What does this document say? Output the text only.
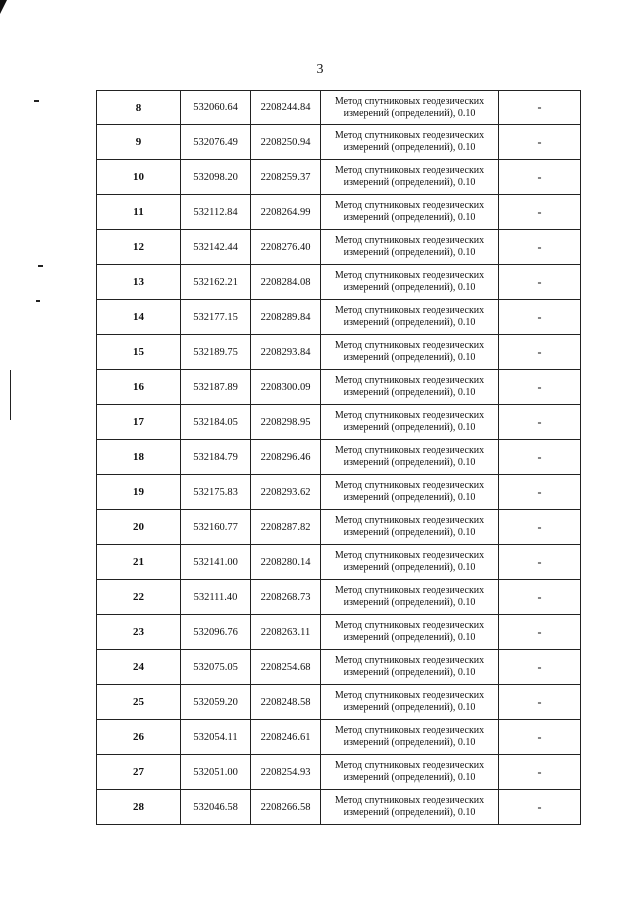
3
8	532060.64	2208244.84	Метод спутниковых геодезических измерений (определений), 0.10	-
9	532076.49	2208250.94	Метод спутниковых геодезических измерений (определений), 0.10	-
10	532098.20	2208259.37	Метод спутниковых геодезических измерений (определений), 0.10	-
11	532112.84	2208264.99	Метод спутниковых геодезических измерений (определений), 0.10	-
12	532142.44	2208276.40	Метод спутниковых геодезических измерений (определений), 0.10	-
13	532162.21	2208284.08	Метод спутниковых геодезических измерений (определений), 0.10	-
14	532177.15	2208289.84	Метод спутниковых геодезических измерений (определений), 0.10	-
15	532189.75	2208293.84	Метод спутниковых геодезических измерений (определений), 0.10	-
16	532187.89	2208300.09	Метод спутниковых геодезических измерений (определений), 0.10	-
17	532184.05	2208298.95	Метод спутниковых геодезических измерений (определений), 0.10	-
18	532184.79	2208296.46	Метод спутниковых геодезических измерений (определений), 0.10	-
19	532175.83	2208293.62	Метод спутниковых геодезических измерений (определений), 0.10	-
20	532160.77	2208287.82	Метод спутниковых геодезических измерений (определений), 0.10	-
21	532141.00	2208280.14	Метод спутниковых геодезических измерений (определений), 0.10	-
22	532111.40	2208268.73	Метод спутниковых геодезических измерений (определений), 0.10	-
23	532096.76	2208263.11	Метод спутниковых геодезических измерений (определений), 0.10	-
24	532075.05	2208254.68	Метод спутниковых геодезических измерений (определений), 0.10	-
25	532059.20	2208248.58	Метод спутниковых геодезических измерений (определений), 0.10	-
26	532054.11	2208246.61	Метод спутниковых геодезических измерений (определений), 0.10	-
27	532051.00	2208254.93	Метод спутниковых геодезических измерений (определений), 0.10	-
28	532046.58	2208266.58	Метод спутниковых геодезических измерений (определений), 0.10	-
